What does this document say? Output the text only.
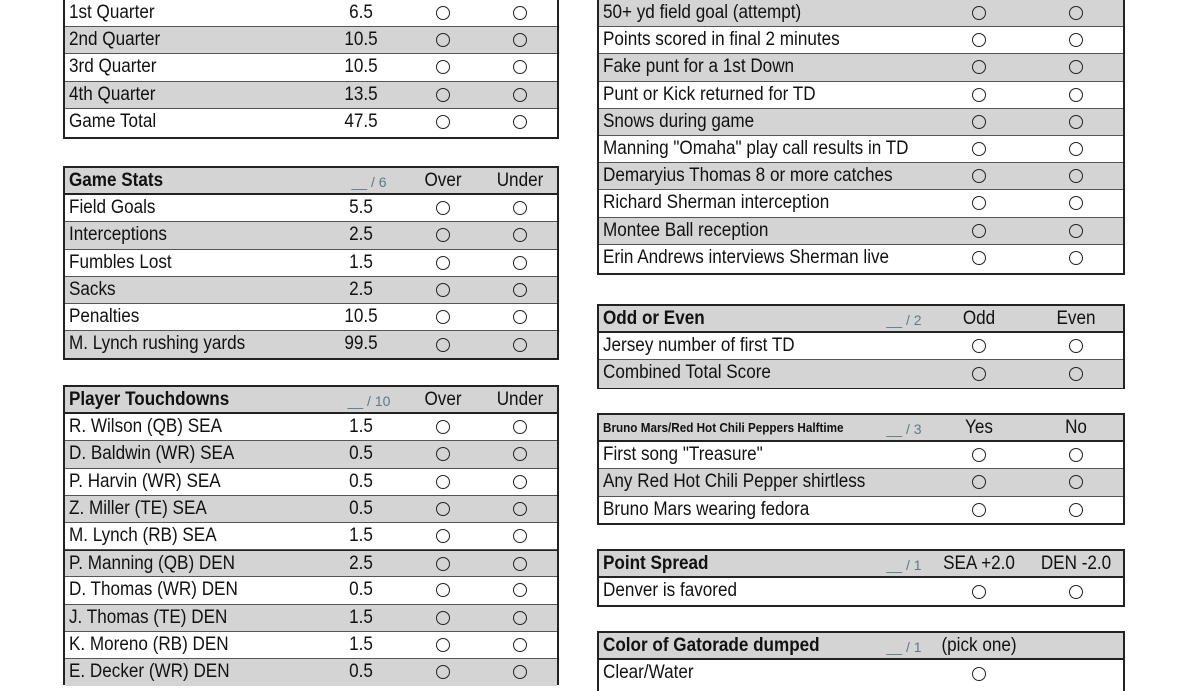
1st Quarter	6.5
2nd Quarter	10.5
3rd Quarter	10.5
4th Quarter	13.5
Game Total	47.5
Game Stats	__ / 6 Over Under
Field Goals	5.5
Interceptions	2.5
Fumbles Lost	1.5
Sacks	2.5
Penalties	10.5
M. Lynch rushing yards	99.5
Player Touchdowns	__ / 10 Over Under
R. Wilson (QB) SEA	1.5
D. Baldwin (WR) SEA	0.5
P. Harvin (WR) SEA	0.5
Z. Miller (TE) SEA	0.5
M. Lynch (RB) SEA	1.5
P. Manning (QB) DEN	2.5
D. Thomas (WR) DEN	0.5
J. Thomas (TE) DEN	1.5
K. Moreno (RB) DEN	1.5
E. Decker (WR) DEN	0.5
50+ yd field goal (attempt)
Points scored in final 2 minutes
Fake punt for a 1st Down
Punt or Kick returned for TD
Snows during game
Manning "Omaha" play call results in TD
Demaryius Thomas 8 or more catches
Richard Sherman interception
Montee Ball reception
Erin Andrews interviews Sherman live
Odd or Even	__ / 2 Odd	Even
Jersey number of first TD
Combined Total Score
Bruno Mars/Red Hot Chili Peppers Halftime	__ / 3 Yes	No
First song "Treasure"
Any Red Hot Chili Pepper shirtless
Bruno Mars wearing fedora
Point Spread	__ / 1 SEA +2.0 DEN -2.0
Denver is favored
Color of Gatorade dumped	__ / 1 (pick one)
Clear/Water
